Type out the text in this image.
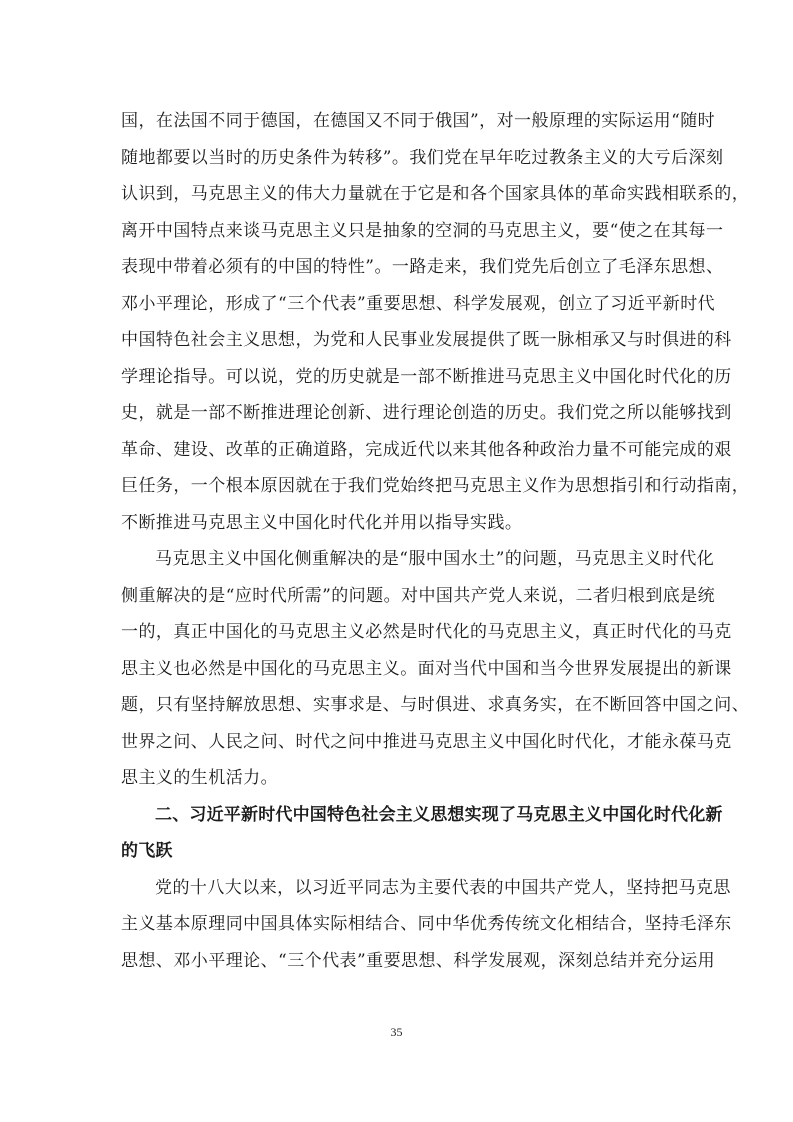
国，在法国不同于德国，在德国又不同于俄国”，对一般原理的实际运用“随时
随地都要以当时的历史条件为转移”。我们党在早年吃过教条主义的大亏后深刻
认识到，马克思主义的伟大力量就在于它是和各个国家具体的革命实践相联系的，
离开中国特点来谈马克思主义只是抽象的空洞的马克思主义，要“使之在其每一
表现中带着必须有的中国的特性”。一路走来，我们党先后创立了毛泽东思想、
邓小平理论，形成了“三个代表”重要思想、科学发展观，创立了习近平新时代
中国特色社会主义思想，为党和人民事业发展提供了既一脉相承又与时俱进的科
学理论指导。可以说，党的历史就是一部不断推进马克思主义中国化时代化的历
史，就是一部不断推进理论创新、进行理论创造的历史。我们党之所以能够找到
革命、建设、改革的正确道路，完成近代以来其他各种政治力量不可能完成的艰
巨任务，一个根本原因就在于我们党始终把马克思主义作为思想指引和行动指南，
不断推进马克思主义中国化时代化并用以指导实践。
马克思主义中国化侧重解决的是“服中国水土”的问题，马克思主义时代化
侧重解决的是“应时代所需”的问题。对中国共产党人来说，二者归根到底是统
一的，真正中国化的马克思主义必然是时代化的马克思主义，真正时代化的马克
思主义也必然是中国化的马克思主义。面对当代中国和当今世界发展提出的新课
题，只有坚持解放思想、实事求是、与时俱进、求真务实，在不断回答中国之问、
世界之问、人民之问、时代之问中推进马克思主义中国化时代化，才能永葆马克
思主义的生机活力。
二、习近平新时代中国特色社会主义思想实现了马克思主义中国化时代化新
的飞跃
党的十八大以来，以习近平同志为主要代表的中国共产党人，坚持把马克思
主义基本原理同中国具体实际相结合、同中华优秀传统文化相结合，坚持毛泽东
思想、邓小平理论、“三个代表”重要思想、科学发展观，深刻总结并充分运用
35
